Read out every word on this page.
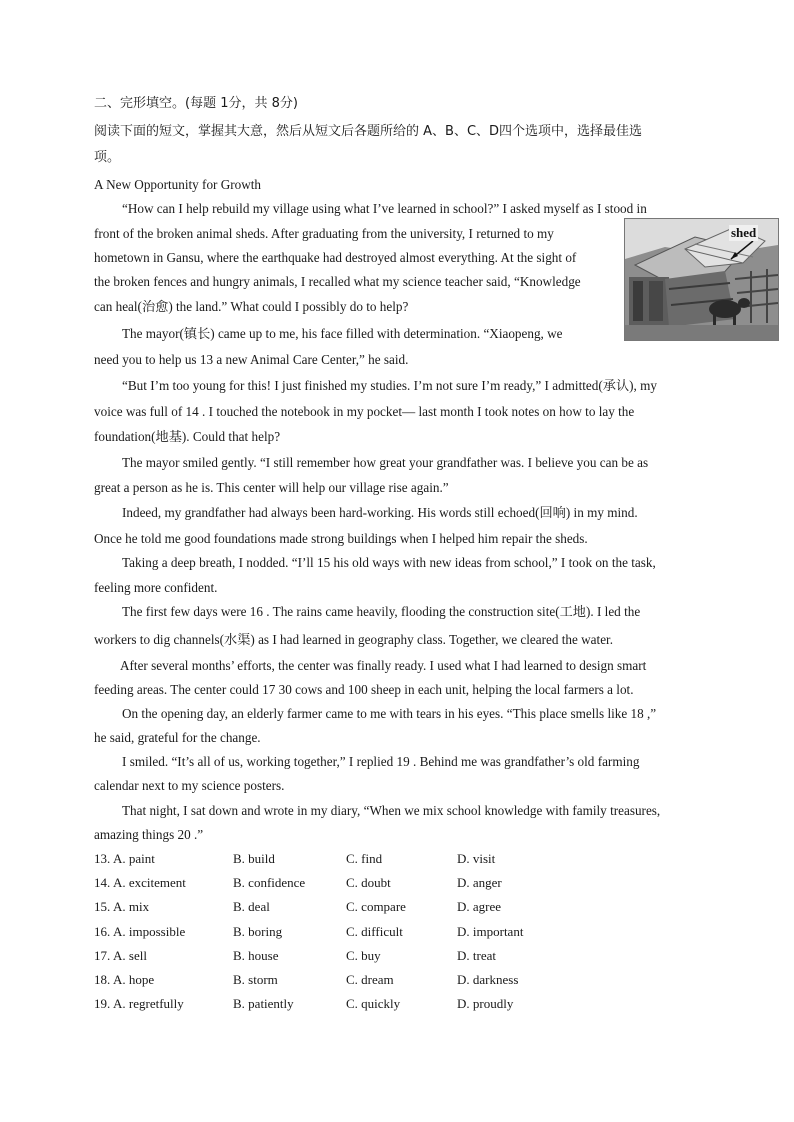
二、完形填空。(每题 1分，共 8分)
阅读下面的短文，掌握其大意，然后从短文后各题所给的 A、B、C、D四个选项中，选择最佳选
项。
A New Opportunity for Growth
“How can I help rebuild my village using what I’ve learned in school?” I asked myself as I stood in
front of the broken animal sheds. After graduating from the university, I returned to my
hometown in Gansu, where the earthquake had destroyed almost everything. At the sight of
the broken fences and hungry animals, I recalled what my science teacher said, “Knowledge
can heal(治愈) the land.” What could I possibly do to help?
The mayor(镇长) came up to me, his face filled with determination. “Xiaopeng, we
need you to help us 13 a new Animal Care Center,” he said.
“But I’m too young for this! I just finished my studies. I’m not sure I’m ready,” I admitted(承认), my
voice was full of 14 . I touched the notebook in my pocket— last month I took notes on how to lay the
foundation(地基). Could that help?
The mayor smiled gently. “I still remember how great your grandfather was. I believe you can be as
great a person as he is. This center will help our village rise again.”
Indeed, my grandfather had always been hard-working. His words still echoed(回响) in my mind.
Once he told me good foundations made strong buildings when I helped him repair the sheds.
Taking a deep breath, I nodded. “I’ll 15 his old ways with new ideas from school,” I took on the task,
feeling more confident.
The first few days were 16 . The rains came heavily, flooding the construction site(工地). I led the
workers to dig channels(水渠) as I had learned in geography class. Together, we cleared the water.
After several months’ efforts, the center was finally ready. I used what I had learned to design smart
feeding areas. The center could 17 30 cows and 100 sheep in each unit, helping the local farmers a lot.
On the opening day, an elderly farmer came to me with tears in his eyes. “This place smells like 18 ,”
he said, grateful for the change.
I smiled. “It’s all of us, working together,” I replied 19 . Behind me was grandfather’s old farming
calendar next to my science posters.
That night, I sat down and wrote in my diary, “When we mix school knowledge with family treasures,
amazing things 20 .”
shed
13. A. paint	B. build	C. find	D. visit
14. A. excitement	B. confidence	C. doubt	D. anger
15. A. mix	B. deal	C. compare	D. agree
16. A. impossible	B. boring	C. difficult	D. important
17. A. sell	B. house	C. buy	D. treat
18. A. hope	B. storm	C. dream	D. darkness
19. A. regretfully	B. patiently	C. quickly	D. proudly
